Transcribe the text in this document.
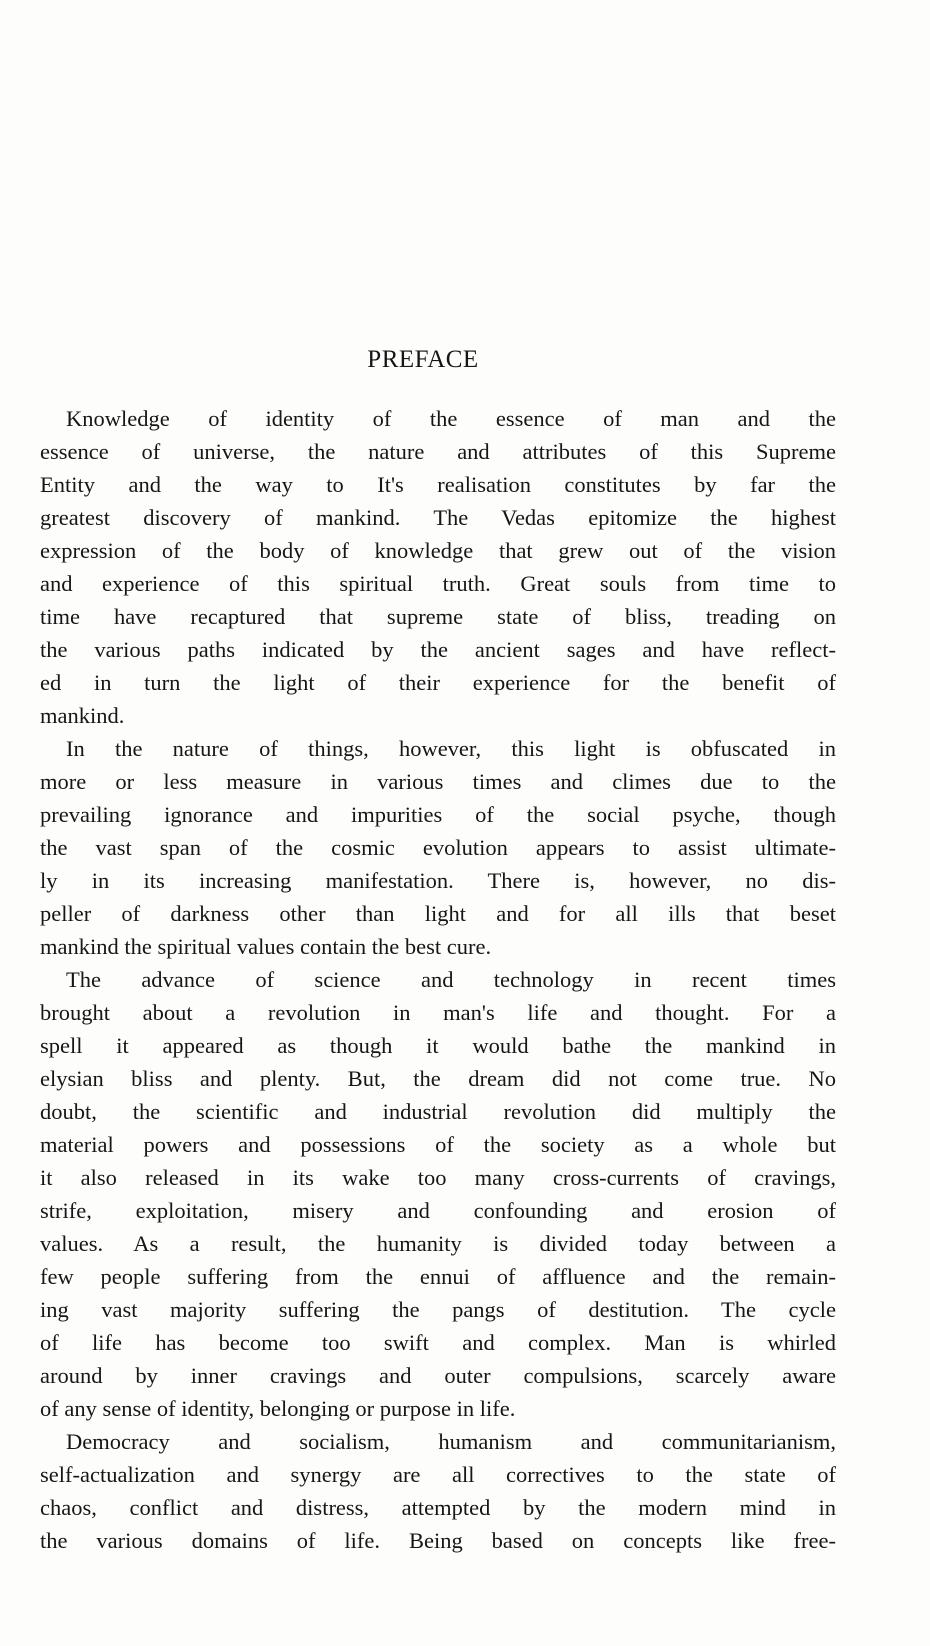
PREFACE
Knowledge of identity of the essence of man and the
essence of universe, the nature and attributes of this Supreme
Entity and the way to It's realisation constitutes by far the
greatest discovery of mankind. The Vedas epitomize the highest
expression of the body of knowledge that grew out of the vision
and experience of this spiritual truth. Great souls from time to
time have recaptured that supreme state of bliss, treading on
the various paths indicated by the ancient sages and have reflect-
ed in turn the light of their experience for the benefit of
mankind.
In the nature of things, however, this light is obfuscated in
more or less measure in various times and climes due to the
prevailing ignorance and impurities of the social psyche, though
the vast span of the cosmic evolution appears to assist ultimate-
ly in its increasing manifestation. There is, however, no dis-
peller of darkness other than light and for all ills that beset
mankind the spiritual values contain the best cure.
The advance of science and technology in recent times
brought about a revolution in man's life and thought. For a
spell it appeared as though it would bathe the mankind in
elysian bliss and plenty. But, the dream did not come true. No
doubt, the scientific and industrial revolution did multiply the
material powers and possessions of the society as a whole but
it also released in its wake too many cross-currents of cravings,
strife, exploitation, misery and confounding and erosion of
values. As a result, the humanity is divided today between a
few people suffering from the ennui of affluence and the remain-
ing vast majority suffering the pangs of destitution. The cycle
of life has become too swift and complex. Man is whirled
around by inner cravings and outer compulsions, scarcely aware
of any sense of identity, belonging or purpose in life.
Democracy and socialism, humanism and communitarianism,
self-actualization and synergy are all correctives to the state of
chaos, conflict and distress, attempted by the modern mind in
the various domains of life. Being based on concepts like free-
